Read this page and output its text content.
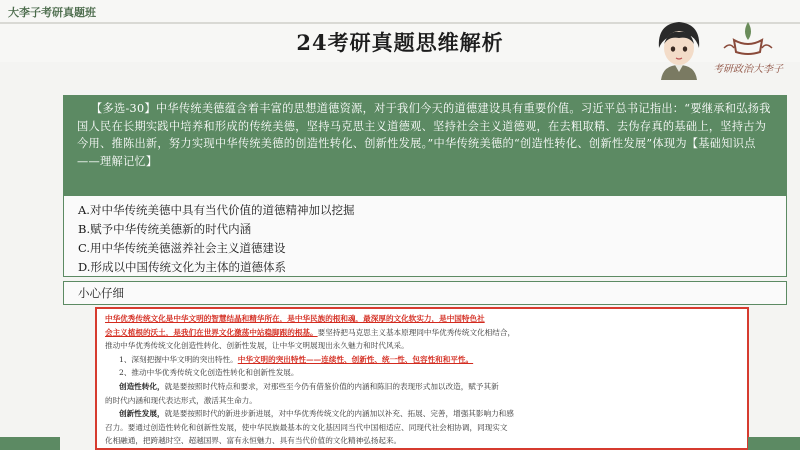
大李子考研真题班
24考研真题思维解析
考研政治大李子
【多选-30】中华传统美德蕴含着丰富的思想道德资源，对于我们今天的道德建设具有重要价值。习近平总书记指出：“要继承和弘扬我国人民在长期实践中培养和形成的传统美德，坚持马克思主义道德观、坚持社会主义道德观，在去粗取精、去伪存真的基础上，坚持古为今用、推陈出新，努力实现中华传统美德的创造性转化、创新性发展。”中华传统美德的“创造性转化、创新性发展”体现为【基础知识点——理解记忆】
A.对中华传统美德中具有当代价值的道德精神加以挖掘
B.赋予中华传统美德新的时代内涵
C.用中华传统美德滋养社会主义道德建设
D.形成以中国传统文化为主体的道德体系
小心仔细
中华优秀传统文化是中华文明的智慧结晶和精华所在，是中华民族的根和魂，最深厚的文化软实力，是中国特色社
会主义植根的沃土，是我们在世界文化激荡中站稳脚跟的根基。要坚持把马克思主义基本原理同中华优秀传统文化相结合，
推动中华优秀传统文化创造性转化、创新性发展，让中华文明展现出永久魅力和时代风采。
1、深刻把握中华文明的突出特性。中华文明的突出特性——连续性、创新性、统一性、包容性和和平性。
2、推动中华优秀传统文化创造性转化和创新性发展。
创造性转化，就是要按照时代特点和要求，对那些至今仍有借鉴价值的内涵和陈旧的表现形式加以改造，赋予其新
的时代内涵和现代表达形式，激活其生命力。
创新性发展，就是要按照时代的新进步新进展，对中华优秀传统文化的内涵加以补充、拓展、完善，增强其影响力和感
召力。要通过创造性转化和创新性发展，使中华民族最基本的文化基因同当代中国相适应、同现代社会相协调，同现实文
化相融通，把跨越时空、超越国界、富有永恒魅力、具有当代价值的文化精神弘扬起来。
